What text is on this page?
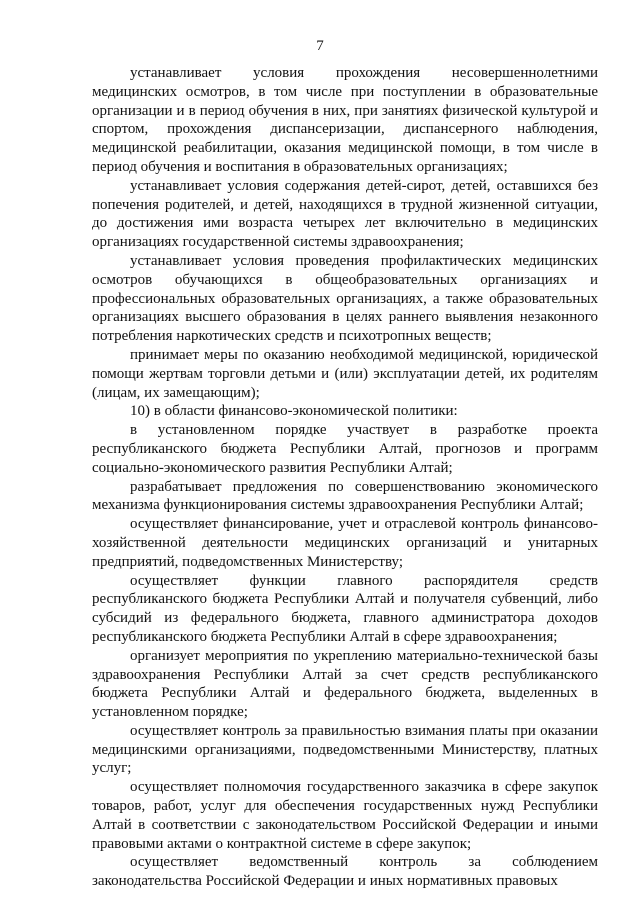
7

устанавливает условия прохождения несовершеннолетними медицинских осмотров, в том числе при поступлении в образовательные организации и в период обучения в них, при занятиях физической культурой и спортом, прохождения диспансеризации, диспансерного наблюдения, медицинской реабилитации, оказания медицинской помощи, в том числе в период обучения и воспитания в образовательных организациях;

устанавливает условия содержания детей-сирот, детей, оставшихся без попечения родителей, и детей, находящихся в трудной жизненной ситуации, до достижения ими возраста четырех лет включительно в медицинских организациях государственной системы здравоохранения;

устанавливает условия проведения профилактических медицинских осмотров обучающихся в общеобразовательных организациях и профессиональных образовательных организациях, а также образовательных организациях высшего образования в целях раннего выявления незаконного потребления наркотических средств и психотропных веществ;

принимает меры по оказанию необходимой медицинской, юридической помощи жертвам торговли детьми и (или) эксплуатации детей, их родителям (лицам, их замещающим);

10) в области финансово-экономической политики:

в установленном порядке участвует в разработке проекта республиканского бюджета Республики Алтай, прогнозов и программ социально-экономического развития Республики Алтай;

разрабатывает предложения по совершенствованию экономического механизма функционирования системы здравоохранения Республики Алтай;

осуществляет финансирование, учет и отраслевой контроль финансово-хозяйственной деятельности медицинских организаций и унитарных предприятий, подведомственных Министерству;

осуществляет функции главного распорядителя средств республиканского бюджета Республики Алтай и получателя субвенций, либо субсидий из федерального бюджета, главного администратора доходов республиканского бюджета Республики Алтай в сфере здравоохранения;

организует мероприятия по укреплению материально-технической базы здравоохранения Республики Алтай за счет средств республиканского бюджета Республики Алтай и федерального бюджета, выделенных в установленном порядке;

осуществляет контроль за правильностью взимания платы при оказании медицинскими организациями, подведомственными Министерству, платных услуг;

осуществляет полномочия государственного заказчика в сфере закупок товаров, работ, услуг для обеспечения государственных нужд Республики Алтай в соответствии с законодательством Российской Федерации и иными правовыми актами о контрактной системе в сфере закупок;

осуществляет ведомственный контроль за соблюдением законодательства Российской Федерации и иных нормативных правовых
